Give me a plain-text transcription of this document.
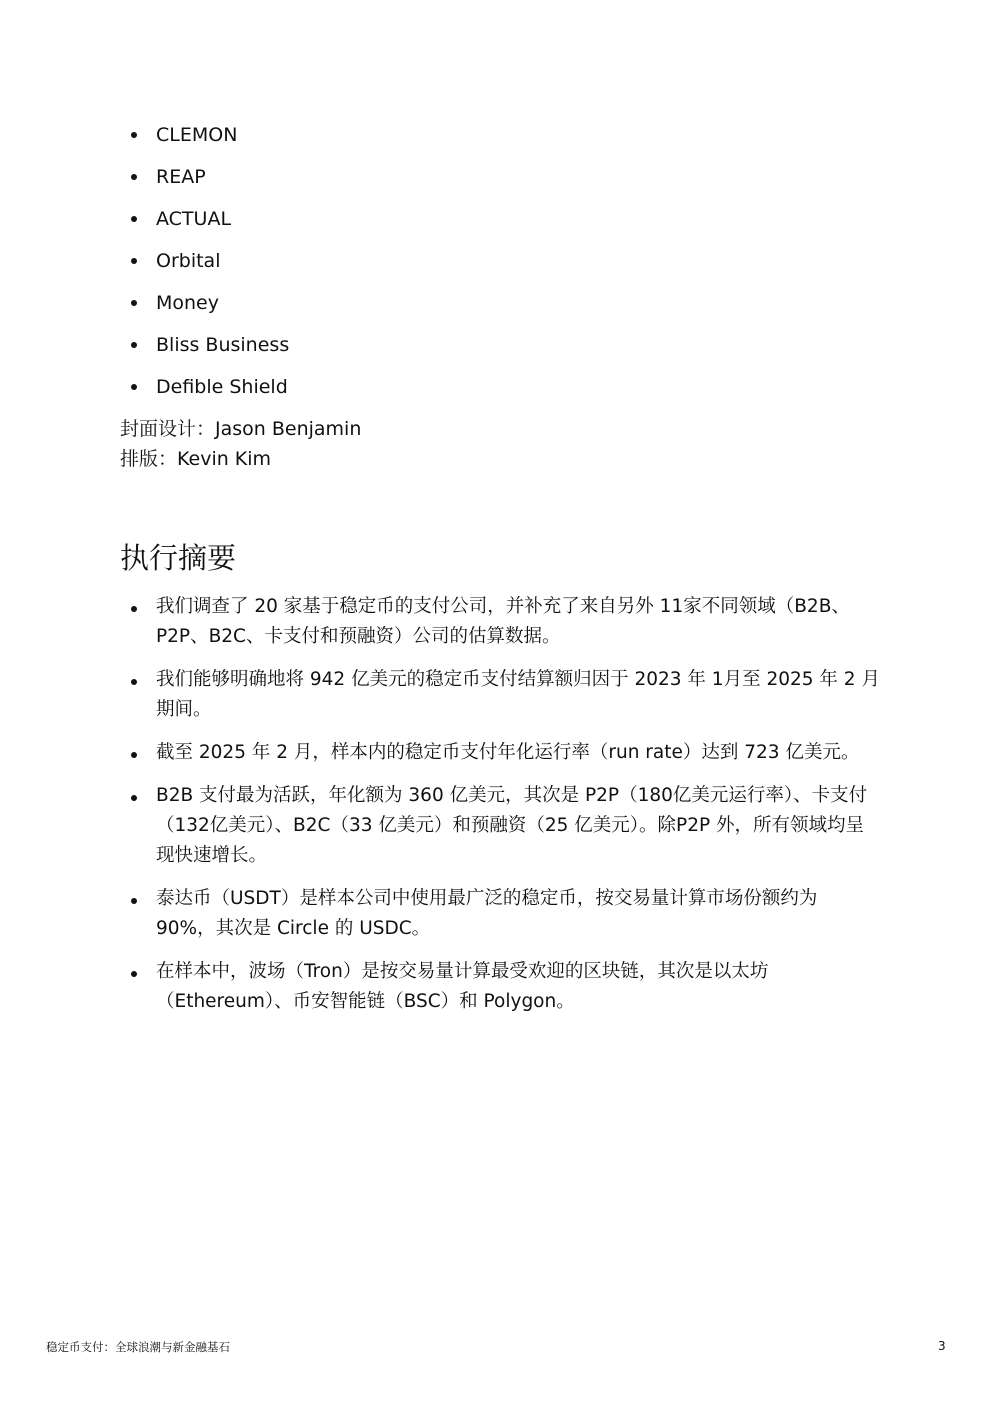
CLEMON
REAP
ACTUAL
Orbital
Money
Bliss Business
Defible Shield
封面设计：Jason Benjamin
排版：Kevin Kim
执行摘要
我们调查了 20 家基于稳定币的支付公司，并补充了来自另外 11家不同领域（B2B、P2P、B2C、卡支付和预融资）公司的估算数据。
我们能够明确地将 942 亿美元的稳定币支付结算额归因于 2023 年 1月至 2025 年 2 月期间。
截至 2025 年 2 月，样本内的稳定币支付年化运行率（run rate）达到 723 亿美元。
B2B 支付最为活跃，年化额为 360 亿美元，其次是 P2P（180亿美元运行率）、卡支付（132亿美元）、B2C（33 亿美元）和预融资（25 亿美元）。除P2P 外，所有领域均呈现快速增长。
泰达币（USDT）是样本公司中使用最广泛的稳定币，按交易量计算市场份额约为 90%，其次是 Circle 的 USDC。
在样本中，波场（Tron）是按交易量计算最受欢迎的区块链，其次是以太坊（Ethereum）、币安智能链（BSC）和 Polygon。
稳定币支付：全球浪潮与新金融基石	3
